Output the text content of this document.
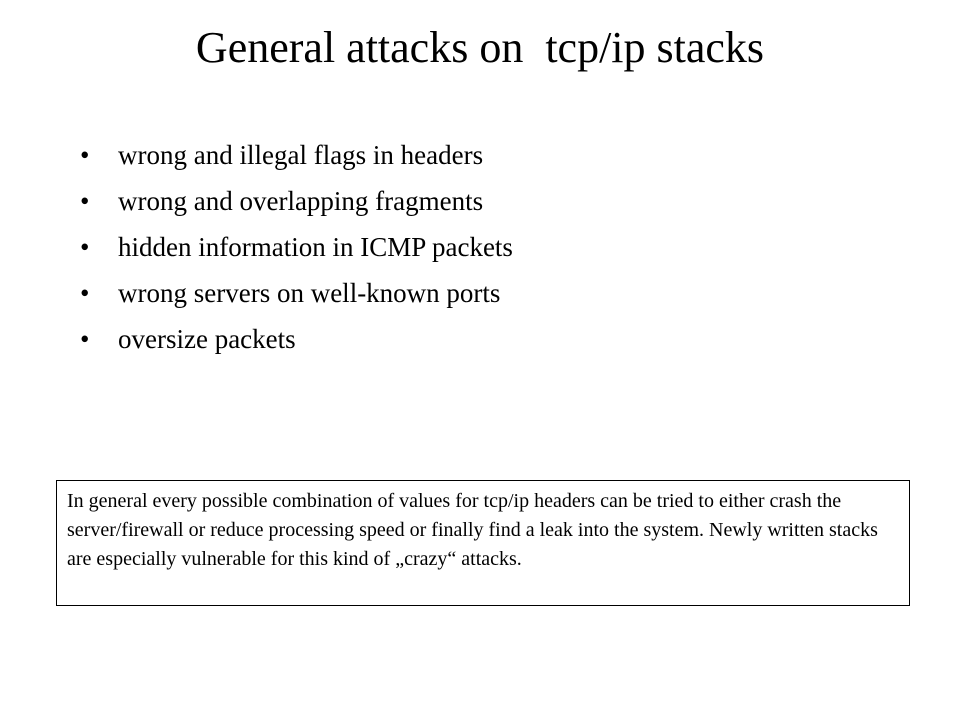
General attacks on  tcp/ip stacks
•	wrong and illegal flags in headers
•	wrong and overlapping fragments
•	hidden information in ICMP packets
•	wrong servers on well-known ports
•	oversize packets
In general every possible combination of values for tcp/ip headers can be tried to either crash the server/firewall or reduce processing speed or finally find a leak into the system. Newly written stacks are especially vulnerable for this kind of „crazy“ attacks.
